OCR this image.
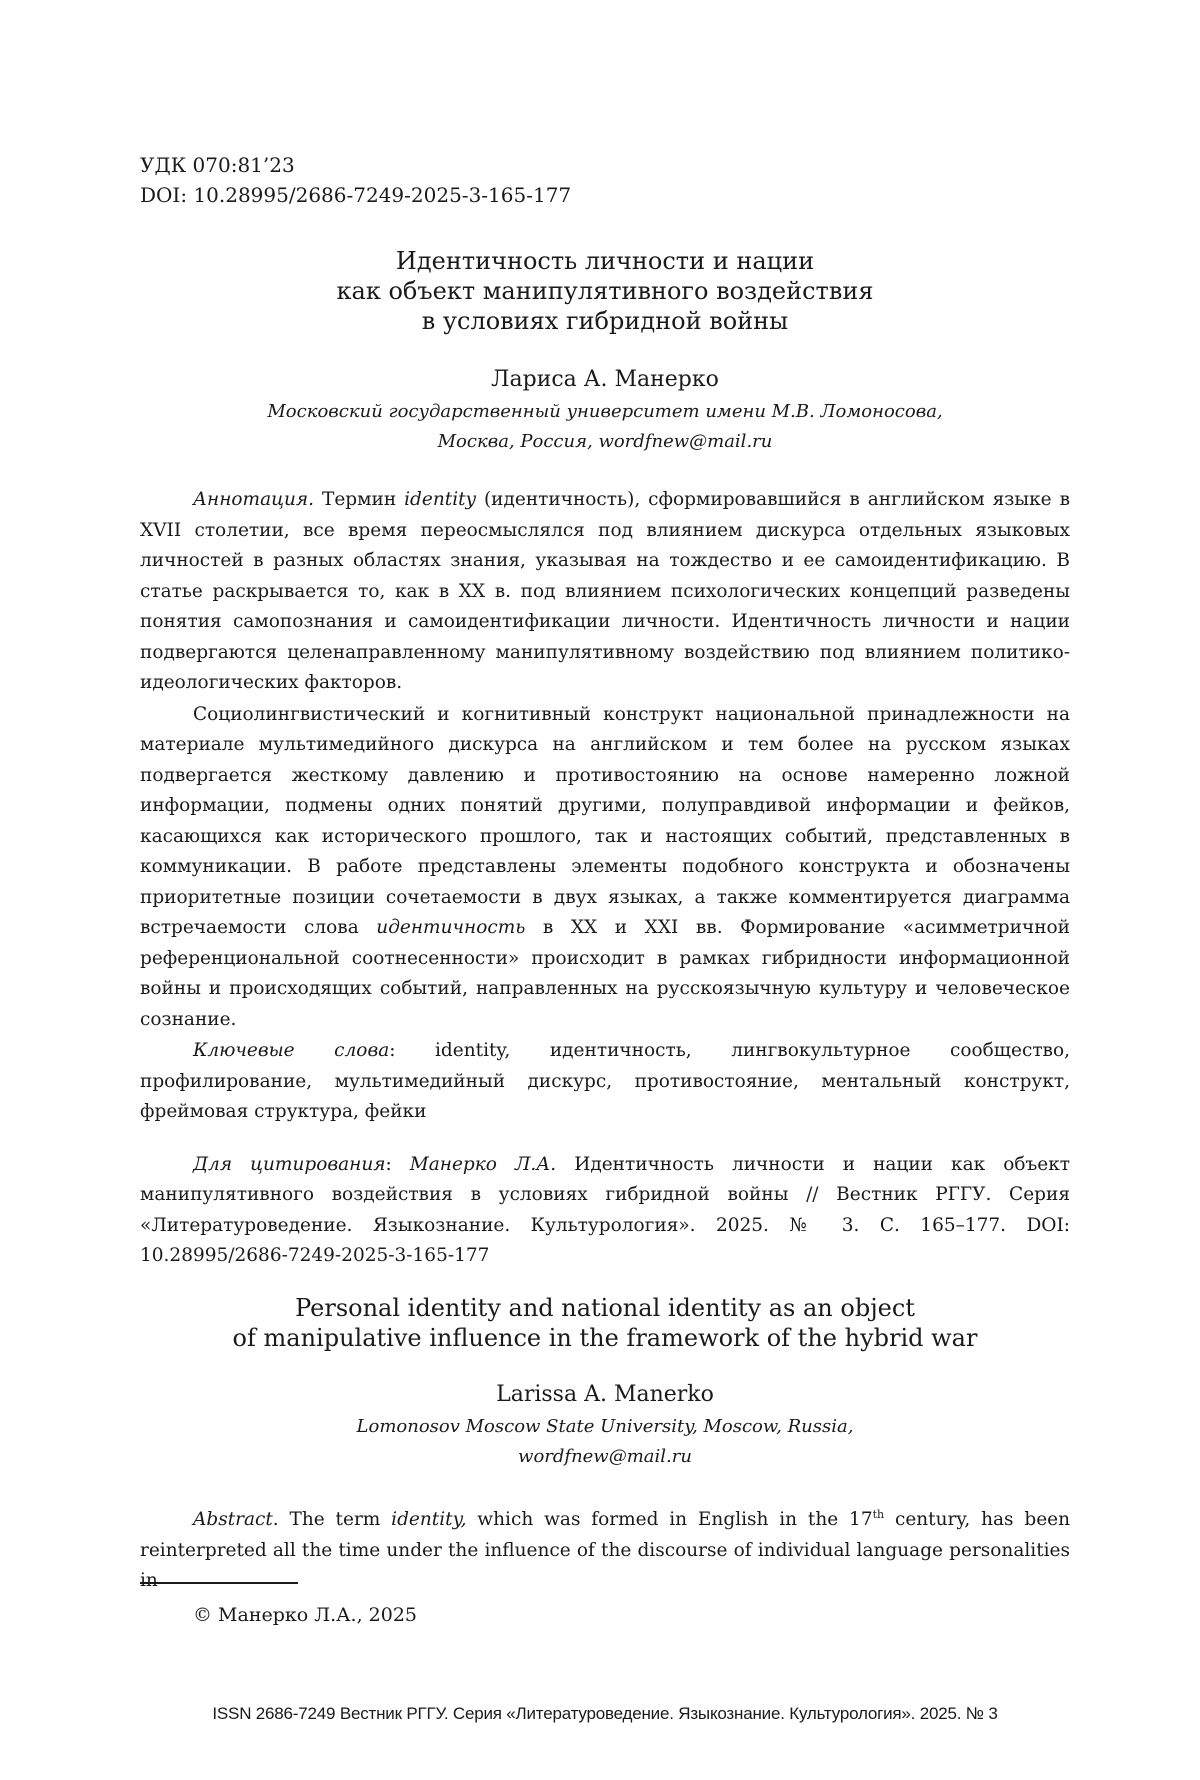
УДК 070:81’23
DOI: 10.28995/2686-7249-2025-3-165-177
Идентичность личности и нации
как объект манипулятивного воздействия
в условиях гибридной войны
Лариса А. Манерко
Московский государственный университет имени М.В. Ломоносова,
Москва, Россия, wordfnew@mail.ru

Аннотация. Термин identity (идентичность), сформировавшийся в английском языке в XVII столетии, все время переосмыслялся под влиянием дискурса отдельных языковых личностей в разных областях знания, указывая на тождество и ее самоидентификацию. В статье раскрывается то, как в XX в. под влиянием психологических концепций разведены понятия самопознания и самоидентификации личности. Идентичность личности и нации подвергаются целенаправленному манипулятивному воздействию под влиянием политико-идеологических факторов.

Социолингвистический и когнитивный конструкт национальной принадлежности на материале мультимедийного дискурса на английском и тем более на русском языках подвергается жесткому давлению и противостоянию на основе намеренно ложной информации, подмены одних понятий другими, полуправдивой информации и фейков, касающихся как исторического прошлого, так и настоящих событий, представленных в коммуникации. В работе представлены элементы подобного конструкта и обозначены приоритетные позиции сочетаемости в двух языках, а также комментируется диаграмма встречаемости слова идентичность в XX и XXI вв. Формирование «асимметричной референциональной соотнесенности» происходит в рамках гибридности информационной войны и происходящих событий, направленных на русскоязычную культуру и человеческое сознание.

Ключевые слова: identity, идентичность, лингвокультурное сообщество, профилирование, мультимедийный дискурс, противостояние, ментальный конструкт, фреймовая структура, фейки

Для цитирования: Манерко Л.А. Идентичность личности и нации как объект манипулятивного воздействия в условиях гибридной войны // Вестник РГГУ. Серия «Литературоведение. Языкознание. Культурология». 2025. № 3. С. 165–177. DOI: 10.28995/2686-7249-2025-3-165-177

Personal identity and national identity as an object
of manipulative influence in the framework of the hybrid war
Larissa A. Manerko
Lomonosov Moscow State University, Moscow, Russia,
wordfnew@mail.ru

Abstract. The term identity, which was formed in English in the 17th century, has been reinterpreted all the time under the influence of the discourse of individual language personalities in

© Манерко Л.А., 2025
ISSN 2686-7249 Вестник РГГУ. Серия «Литературоведение. Языкознание. Культурология». 2025. № 3
